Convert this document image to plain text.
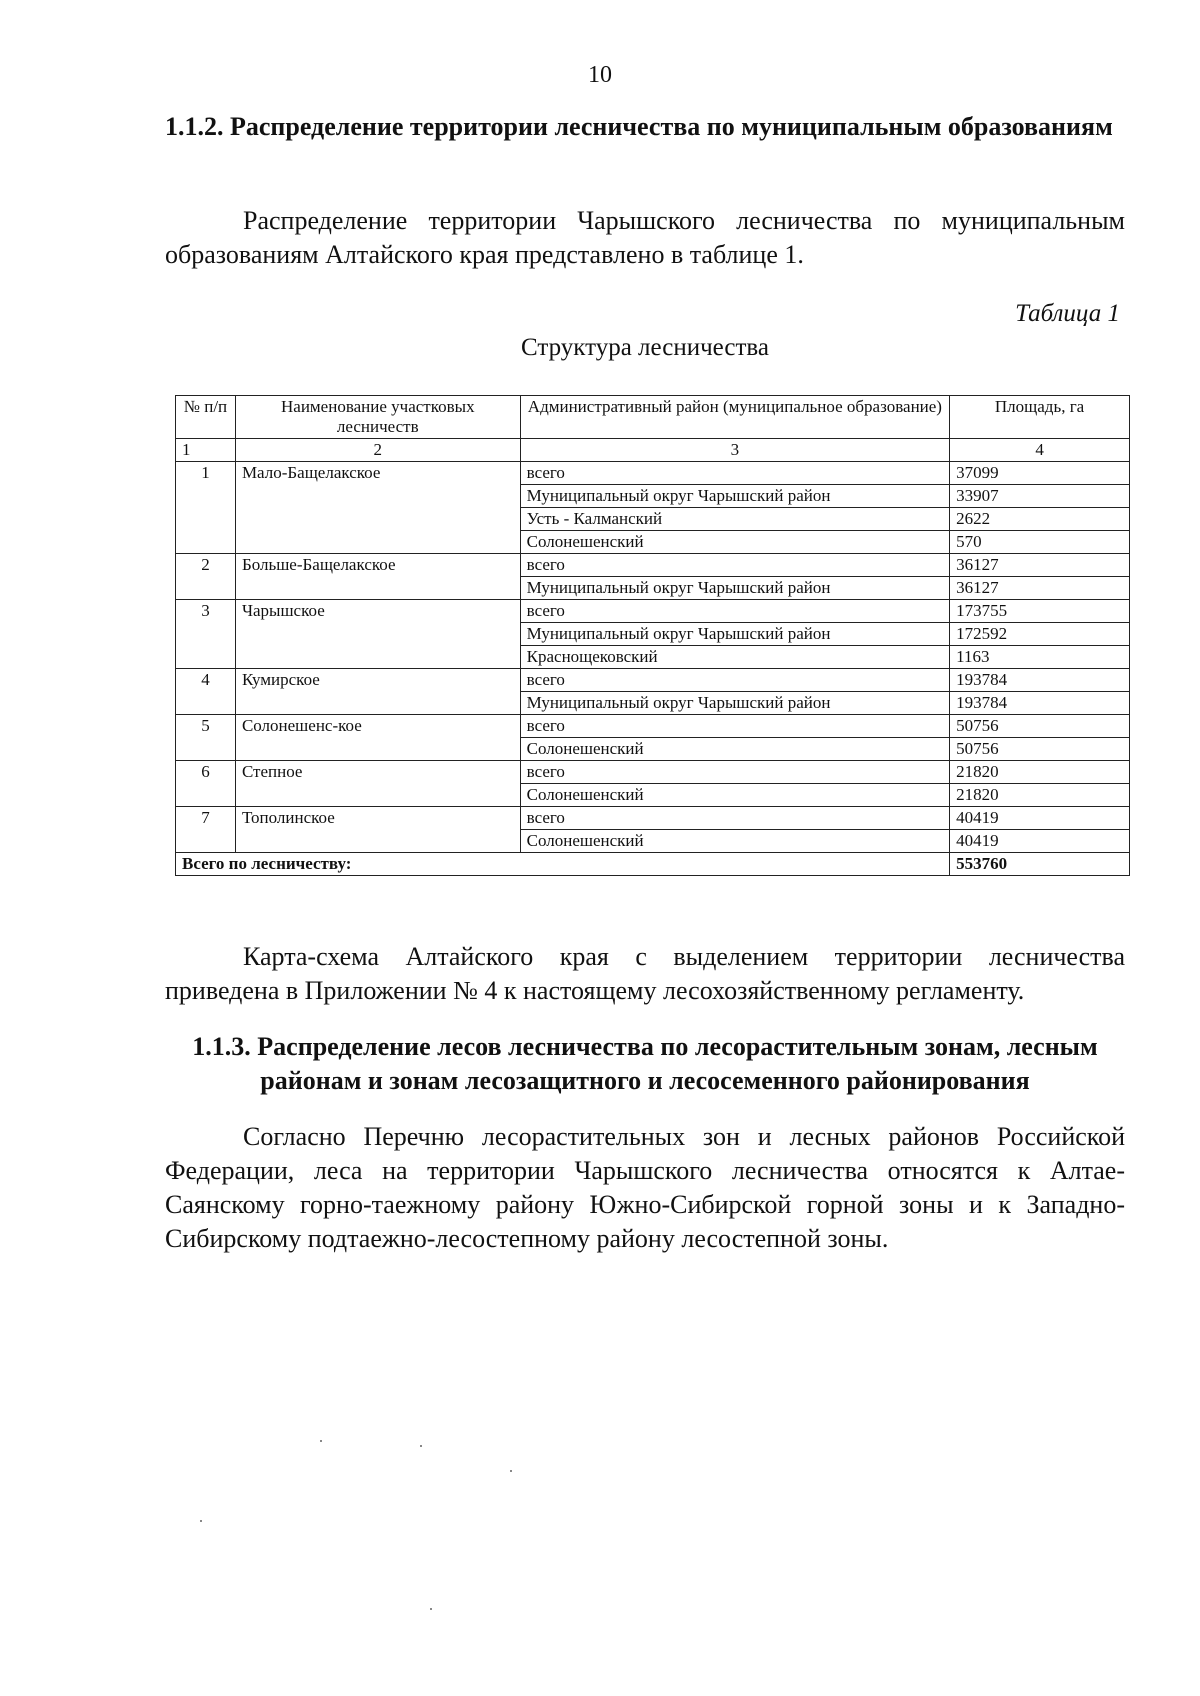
10
1.1.2. Распределение территории лесничества по муниципальным образованиям
Распределение территории Чарышского лесничества по муниципальным образованиям Алтайского края представлено в таблице 1.
Таблица 1
Структура лесничества
№ п/п	Наименование участковых лесничеств	Административный район (муниципальное образование)	Площадь, га
1	2	3	4
1	Мало-Бащелакское	всего	37099
		Муниципальный округ Чарышский район	33907
		Усть - Калманский	2622
		Солонешенский	570
2	Больше-Бащелакское	всего	36127
		Муниципальный округ Чарышский район	36127
3	Чарышское	всего	173755
		Муниципальный округ Чарышский район	172592
		Краснощековский	1163
4	Кумирское	всего	193784
		Муниципальный округ Чарышский район	193784
5	Солонешенс-кое	всего	50756
		Солонешенский	50756
6	Степное	всего	21820
		Солонешенский	21820
7	Тополинское	всего	40419
		Солонешенский	40419
Всего по лесничеству:			553760
Карта-схема Алтайского края с выделением территории лесничества приведена в Приложении № 4 к настоящему лесохозяйственному регламенту.
1.1.3. Распределение лесов лесничества по лесорастительным зонам, лесным районам и зонам лесозащитного и лесосеменного районирования
Согласно Перечню лесорастительных зон и лесных районов Российской Федерации, леса на территории Чарышского лесничества относятся к Алтае-Саянскому горно-таежному району Южно-Сибирской горной зоны и к Западно-Сибирскому подтаежно-лесостепному району лесостепной зоны.
